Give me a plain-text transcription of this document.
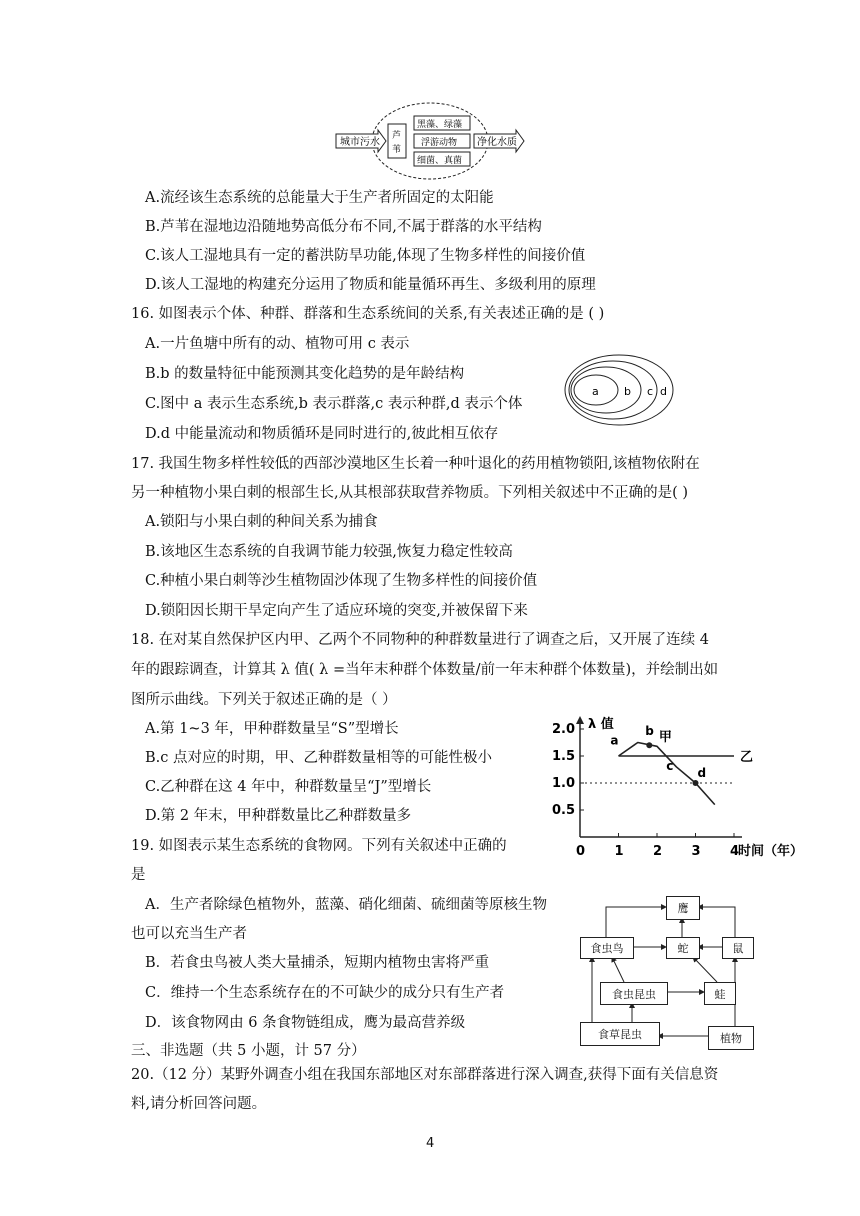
城市污水
芦
苇
黑藻、绿藻
浮游动物
细菌、真菌
净化水质
A.流经该生态系统的总能量大于生产者所固定的太阳能
B.芦苇在湿地边沿随地势高低分布不同,不属于群落的水平结构
C.该人工湿地具有一定的蓄洪防旱功能,体现了生物多样性的间接价值
D.该人工湿地的构建充分运用了物质和能量循环再生、多级利用的原理
16. 如图表示个体、种群、群落和生态系统间的关系,有关表述正确的是 ( )
A.一片鱼塘中所有的动、植物可用 c 表示
B.b 的数量特征中能预测其变化趋势的是年龄结构
C.图中 a 表示生态系统,b 表示群落,c 表示种群,d 表示个体
D.d 中能量流动和物质循环是同时进行的,彼此相互依存
a b c d
17. 我国生物多样性较低的西部沙漠地区生长着一种叶退化的药用植物锁阳,该植物依附在
另一种植物小果白刺的根部生长,从其根部获取营养物质。下列相关叙述中不正确的是( )
A.锁阳与小果白刺的种间关系为捕食
B.该地区生态系统的自我调节能力较强,恢复力稳定性较高
C.种植小果白刺等沙生植物固沙体现了生物多样性的间接价值
D.锁阳因长期干旱定向产生了适应环境的突变,并被保留下来
18. 在对某自然保护区内甲、乙两个不同物种的种群数量进行了调查之后，又开展了连续 4
年的跟踪调查，计算其 λ 值( λ =当年末种群个体数量/前一年末种群个体数量)，并绘制出如
图所示曲线。下列关于叙述正确的是（ ）
A.第 1~3 年，甲种群数量呈“S”型增长
B.c 点对应的时期，甲、乙种群数量相等的可能性极小
C.乙种群在这 4 年中，种群数量呈“J”型增长
D.第 2 年末，甲种群数量比乙种群数量多
0 1 2 3 4
0.5
1.0
1.5
2.0
甲
乙
a
b
c d
λ 值
时间（年）
19. 如图表示某生态系统的食物网。下列有关叙述中正确的
是
A．生产者除绿色植物外，蓝藻、硝化细菌、硫细菌等原核生物
也可以充当生产者
B．若食虫鸟被人类大量捕杀，短期内植物虫害将严重
C．维持一个生态系统存在的不可缺少的成分只有生产者
D．该食物网由 6 条食物链组成，鹰为最高营养级
鹰
食虫鸟	蛇	鼠
食虫昆虫	蛙
食草昆虫	植物
三、非选题（共 5 小题，计 57 分）
20.（12 分）某野外调查小组在我国东部地区对东部群落进行深入调查,获得下面有关信息资
料,请分析回答问题。
4
